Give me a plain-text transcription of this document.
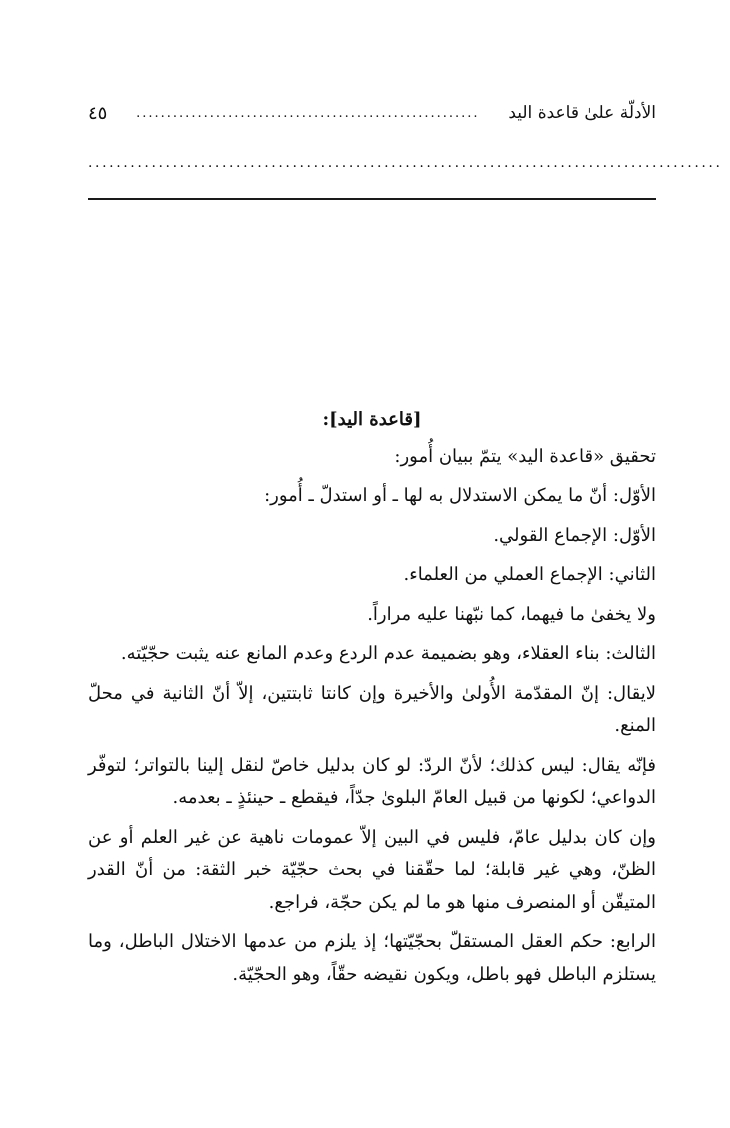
الأدلّة علىٰ قاعدة اليد
........................................................
٤٥
..........................................................................................
[قاعدة اليد]:

تحقيق «قاعدة اليد» يتمّ ببيان أُمور:

الأوّل: أنّ ما يمكن الاستدلال به لها ـ أو استدلّ ـ أُمور:

الأوّل: الإجماع القولي.

الثاني: الإجماع العملي من العلماء.

ولا يخفىٰ ما فيهما، كما نبّهنا عليه مراراً.

الثالث: بناء العقلاء، وهو بضميمة عدم الردع وعدم المانع عنه يثبت حجّيّته.

لايقال: إنّ المقدّمة الأُولىٰ والأخيرة وإن كانتا ثابتتين، إلاّ أنّ الثانية في محلّ المنع.

فإنّه يقال: ليس كذلك؛ لأنّ الردّ: لو كان بدليل خاصّ لنقل إلينا بالتواتر؛ لتوفّر الدواعي؛ لكونها من قبيل العامّ البلوىٰ جدّاً، فيقطع ـ حينئذٍ ـ بعدمه.

وإن كان بدليل عامّ، فليس في البين إلاّ عمومات ناهية عن غير العلم أو عن الظنّ، وهي غير قابلة؛ لما حقّقنا في بحث حجّيّة خبر الثقة: من أنّ القدر المتيقّن أو المنصرف منها هو ما لم يكن حجّة، فراجع.

الرابع: حكم العقل المستقلّ بحجّيّتها؛ إذ يلزم من عدمها الاختلال الباطل، وما يستلزم الباطل فهو باطل، ويكون نقيضه حقّاً، وهو الحجّيّة.
